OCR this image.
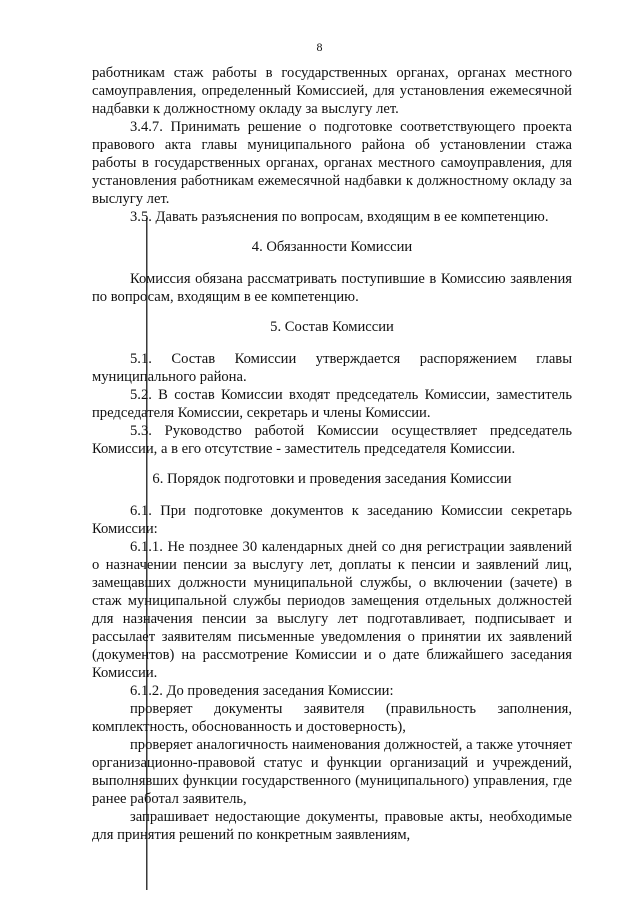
8

работникам стаж работы в государственных органах, органах местного самоуправления, определенный Комиссией, для установления ежемесячной надбавки к должностному окладу за выслугу лет.

3.4.7. Принимать решение о подготовке соответствующего проекта правового акта главы муниципального района об установлении стажа работы в государственных органах, органах местного самоуправления, для установления работникам ежемесячной надбавки к должностному окладу за выслугу лет.

3.5. Давать разъяснения по вопросам, входящим в ее компетенцию.

4. Обязанности Комиссии

Комиссия обязана рассматривать поступившие в Комиссию заявления по вопросам, входящим в ее компетенцию.

5. Состав Комиссии

5.1. Состав Комиссии утверждается распоряжением главы муниципального района.

5.2. В состав Комиссии входят председатель Комиссии, заместитель председателя Комиссии, секретарь и члены Комиссии.

5.3. Руководство работой Комиссии осуществляет председатель Комиссии, а в его отсутствие - заместитель председателя Комиссии.

6. Порядок подготовки и проведения заседания Комиссии

6.1. При подготовке документов к заседанию Комиссии секретарь Комиссии:

6.1.1. Не позднее 30 календарных дней со дня регистрации заявлений о назначении пенсии за выслугу лет, доплаты к пенсии и заявлений лиц, замещавших должности муниципальной службы, о включении (зачете) в стаж муниципальной службы периодов замещения отдельных должностей для назначения пенсии за выслугу лет подготавливает, подписывает и рассылает заявителям письменные уведомления о принятии их заявлений (документов) на рассмотрение Комиссии и о дате ближайшего заседания Комиссии.

6.1.2. До проведения заседания Комиссии:

проверяет документы заявителя (правильность заполнения, комплектность, обоснованность и достоверность),

проверяет аналогичность наименования должностей, а также уточняет организационно-правовой статус и функции организаций и учреждений, выполнявших функции государственного (муниципального) управления, где ранее работал заявитель,

запрашивает недостающие документы, правовые акты, необходимые для принятия решений по конкретным заявлениям,
